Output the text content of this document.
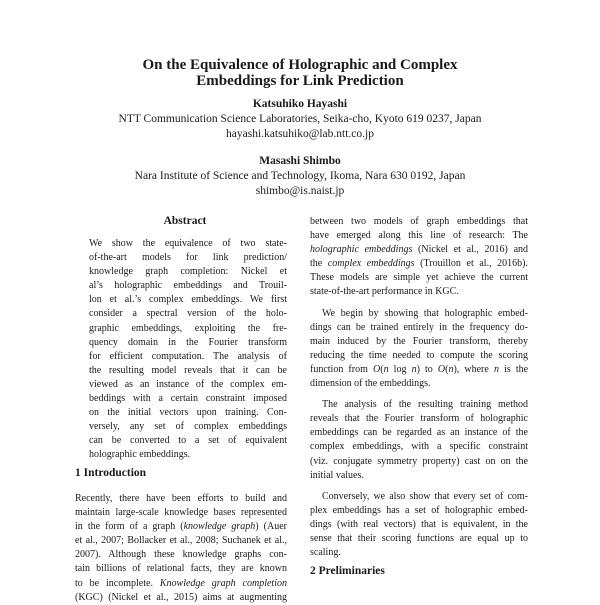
On the Equivalence of Holographic and Complex
Embeddings for Link Prediction
Katsuhiko Hayashi
NTT Communication Science Laboratories, Seika-cho, Kyoto 619 0237, Japan
hayashi.katsuhiko@lab.ntt.co.jp
Masashi Shimbo
Nara Institute of Science and Technology, Ikoma, Nara 630 0192, Japan
shimbo@is.naist.jp
Abstract
We show the equivalence of two state-
of-the-art models for link prediction/
knowledge graph completion: Nickel et
al’s holographic embeddings and Trouil-
lon et al.’s complex embeddings. We first
consider a spectral version of the holo-
graphic embeddings, exploiting the fre-
quency domain in the Fourier transform
for efficient computation. The analysis of
the resulting model reveals that it can be
viewed as an instance of the complex em-
beddings with a certain constraint imposed
on the initial vectors upon training. Con-
versely, any set of complex embeddings
can be converted to a set of equivalent
holographic embeddings.
1 Introduction
Recently, there have been efforts to build and
maintain large-scale knowledge bases represented
in the form of a graph (knowledge graph) (Auer
et al., 2007; Bollacker et al., 2008; Suchanek et al.,
2007). Although these knowledge graphs con-
tain billions of relational facts, they are known
to be incomplete. Knowledge graph completion
(KGC) (Nickel et al., 2015) aims at augmenting
between two models of graph embeddings that
have emerged along this line of research: The
holographic embeddings (Nickel et al., 2016) and
the complex embeddings (Trouillon et al., 2016b).
These models are simple yet achieve the current
state-of-the-art performance in KGC.
We begin by showing that holographic embed-
dings can be trained entirely in the frequency do-
main induced by the Fourier transform, thereby
reducing the time needed to compute the scoring
function from O(n log n) to O(n), where n is the
dimension of the embeddings.
The analysis of the resulting training method
reveals that the Fourier transform of holographic
embeddings can be regarded as an instance of the
complex embeddings, with a specific constraint
(viz. conjugate symmetry property) cast on on the
initial values.
Conversely, we also show that every set of com-
plex embeddings has a set of holographic embed-
dings (with real vectors) that is equivalent, in the
sense that their scoring functions are equal up to
scaling.
2 Preliminaries
